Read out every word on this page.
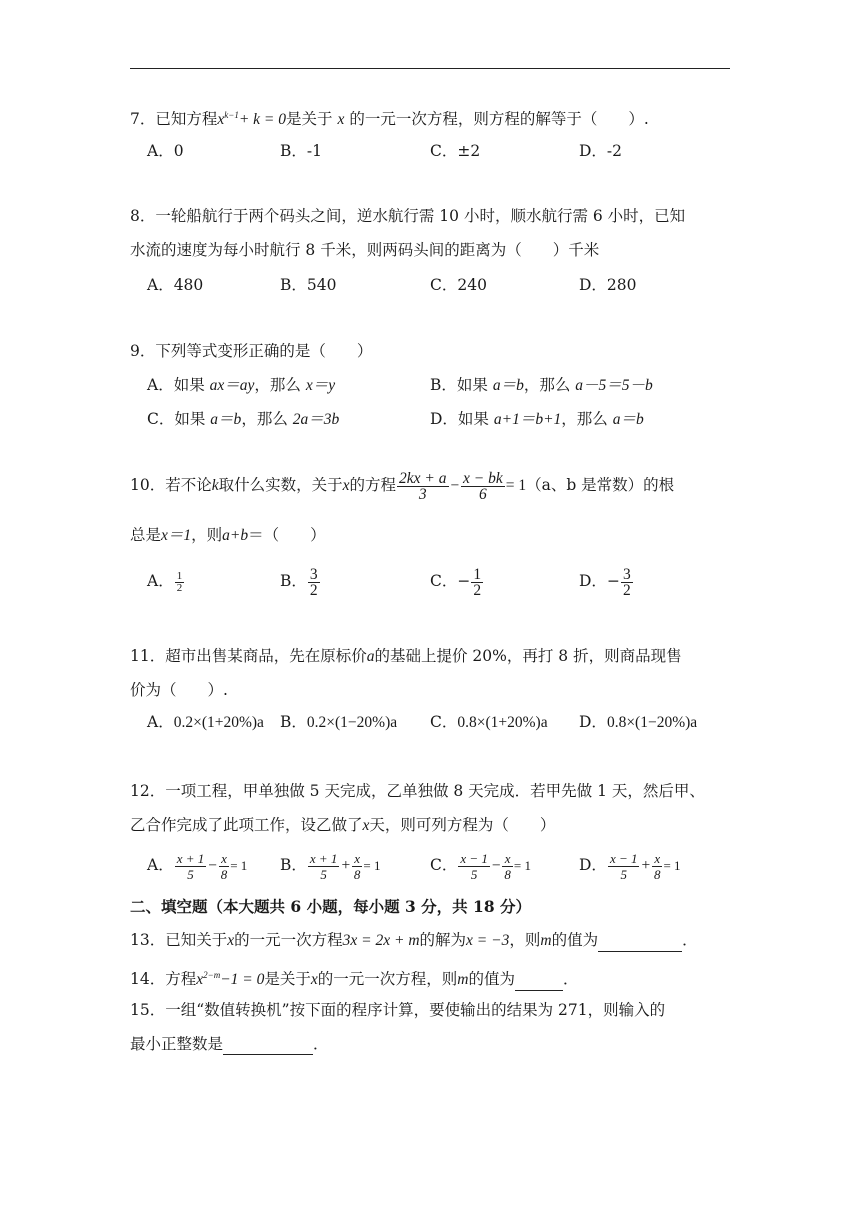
7．已知方程$x^{k-1}+ k = 0$是关于 x 的一元一次方程，则方程的解等于（　　）.
A．0	B．-1	C．±2	D．-2
8．一轮船航行于两个码头之间，逆水航行需 10 小时，顺水航行需 6 小时，已知
水流的速度为每小时航行 8 千米，则两码头间的距离为（　　）千米
A．480	B．540	C．240	D．280
9．下列等式变形正确的是（　　）
A．如果 ax＝ay，那么 x＝y	B．如果 a＝b，那么 a－5＝5－b
C．如果 a＝b，那么 2a＝3b	D．如果 a+1＝b+1，那么 a＝b
10．若不论k取什么实数，关于x的方程 $\frac{2kx + a}{3} - \frac{x - bk}{6} = 1(a$、b 是常数）的根
总是x＝1，则a+b＝（　　）
A． $\frac{1}{2}$	B． $\frac{3}{2}$	C．− $\frac{1}{2}$	D．− $\frac{3}{2}$
11．超市出售某商品，先在原标价a的基础上提价 20%，再打 8 折，则商品现售
价为（　　）.
A．0.2×(1+20%)a B．0.2×(1−20%)a C．0.8×(1+20%)a D．0.8×(1−20%)a
12．一项工程，甲单独做 5 天完成，乙单独做 8 天完成．若甲先做 1 天，然后甲、
乙合作完成了此项工作，设乙做了x天，则可列方程为（　　）
A． $\frac{x + 1}{5} - \frac{x}{8} = 1$ B． $\frac{x + 1}{5} + \frac{x}{8} = 1$	C． $\frac{x - 1}{5} - \frac{x}{8} = 1$	D． $\frac{x - 1}{5} + \frac{x}{8} = 1$
二、填空题（本大题共 6 小题，每小题 3 分，共 18 分）
13．已知关于x的一元一次方程3x = 2x + m的解为x = −3，则m的值为	．
14．方程$x^{2-m}-1 = 0$是关于x的一元一次方程，则m的值为	．
15．一组“数值转换机”按下面的程序计算，要使输出的结果为 271，则输入的
最小正整数是	．
